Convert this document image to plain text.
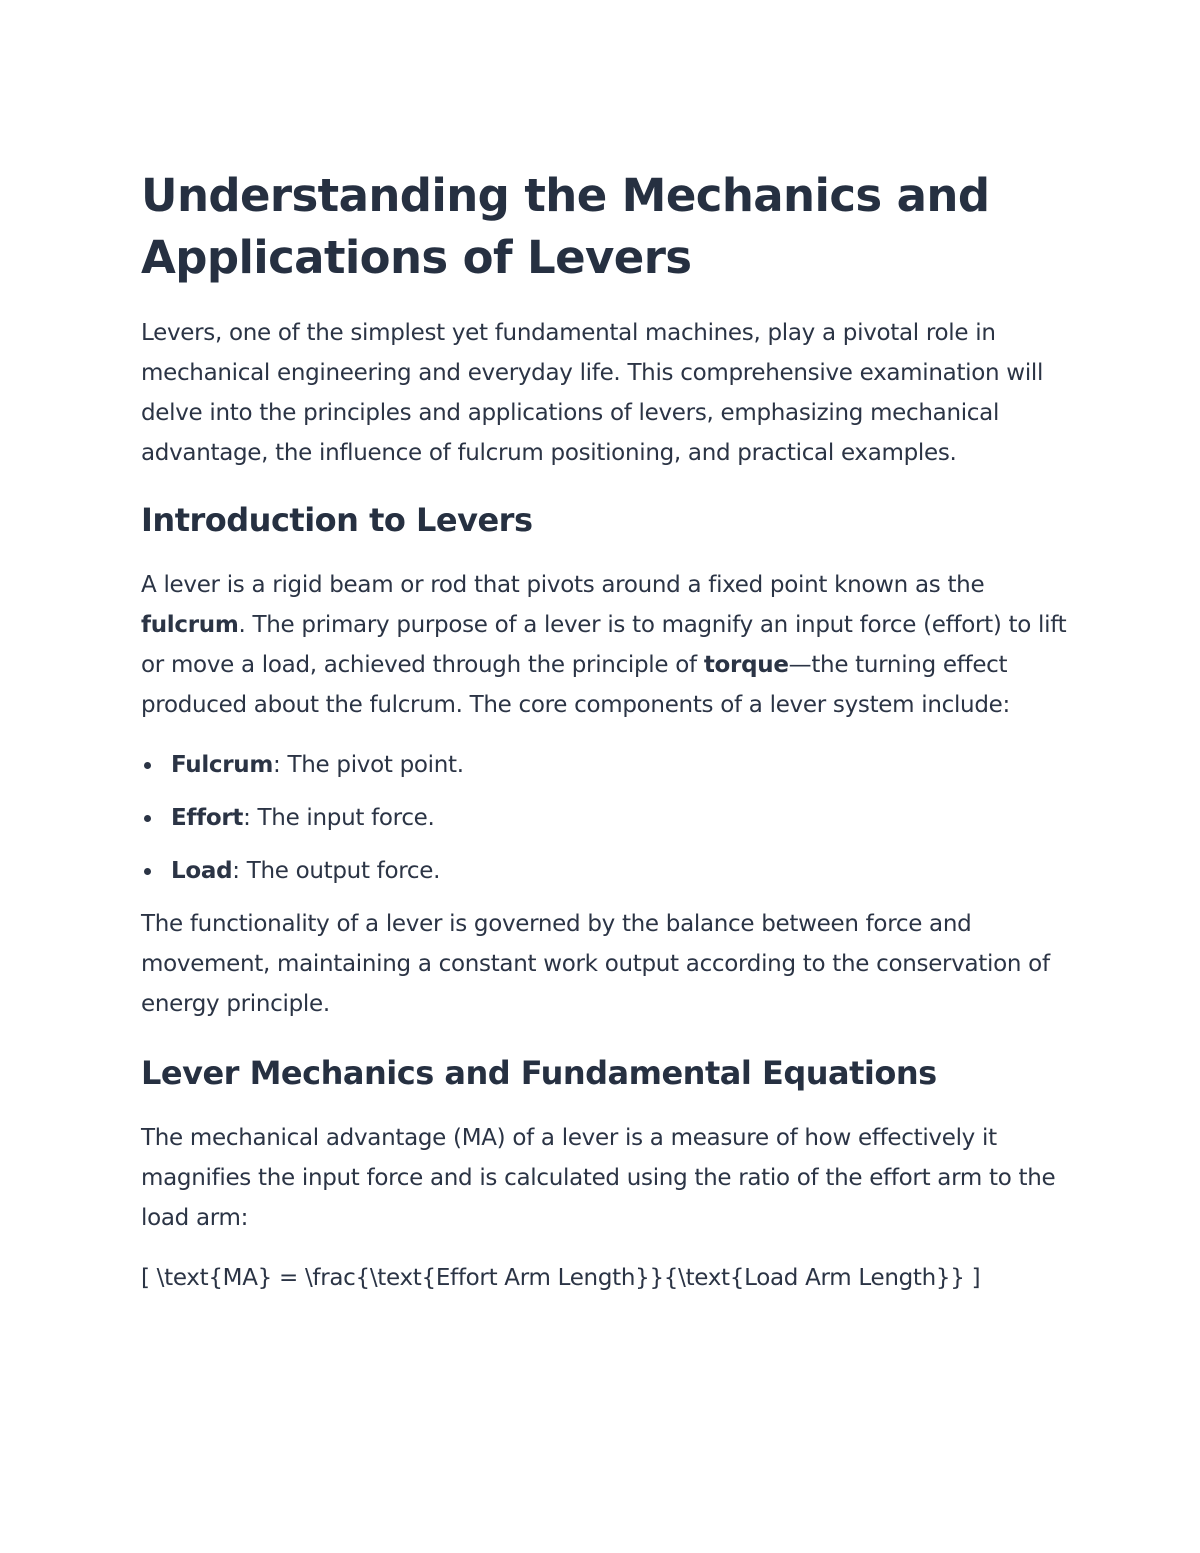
Understanding the Mechanics and Applications of Levers

Levers, one of the simplest yet fundamental machines, play a pivotal role in mechanical engineering and everyday life. This comprehensive examination will delve into the principles and applications of levers, emphasizing mechanical advantage, the influence of fulcrum positioning, and practical examples.

Introduction to Levers

A lever is a rigid beam or rod that pivots around a fixed point known as the fulcrum. The primary purpose of a lever is to magnify an input force (effort) to lift or move a load, achieved through the principle of torque—the turning effect produced about the fulcrum. The core components of a lever system include:

Fulcrum: The pivot point.
Effort: The input force.
Load: The output force.

The functionality of a lever is governed by the balance between force and movement, maintaining a constant work output according to the conservation of energy principle.

Lever Mechanics and Fundamental Equations

The mechanical advantage (MA) of a lever is a measure of how effectively it magnifies the input force and is calculated using the ratio of the effort arm to the load arm:

[ \text{MA} = \frac{\text{Effort Arm Length}}{\text{Load Arm Length}} ]
